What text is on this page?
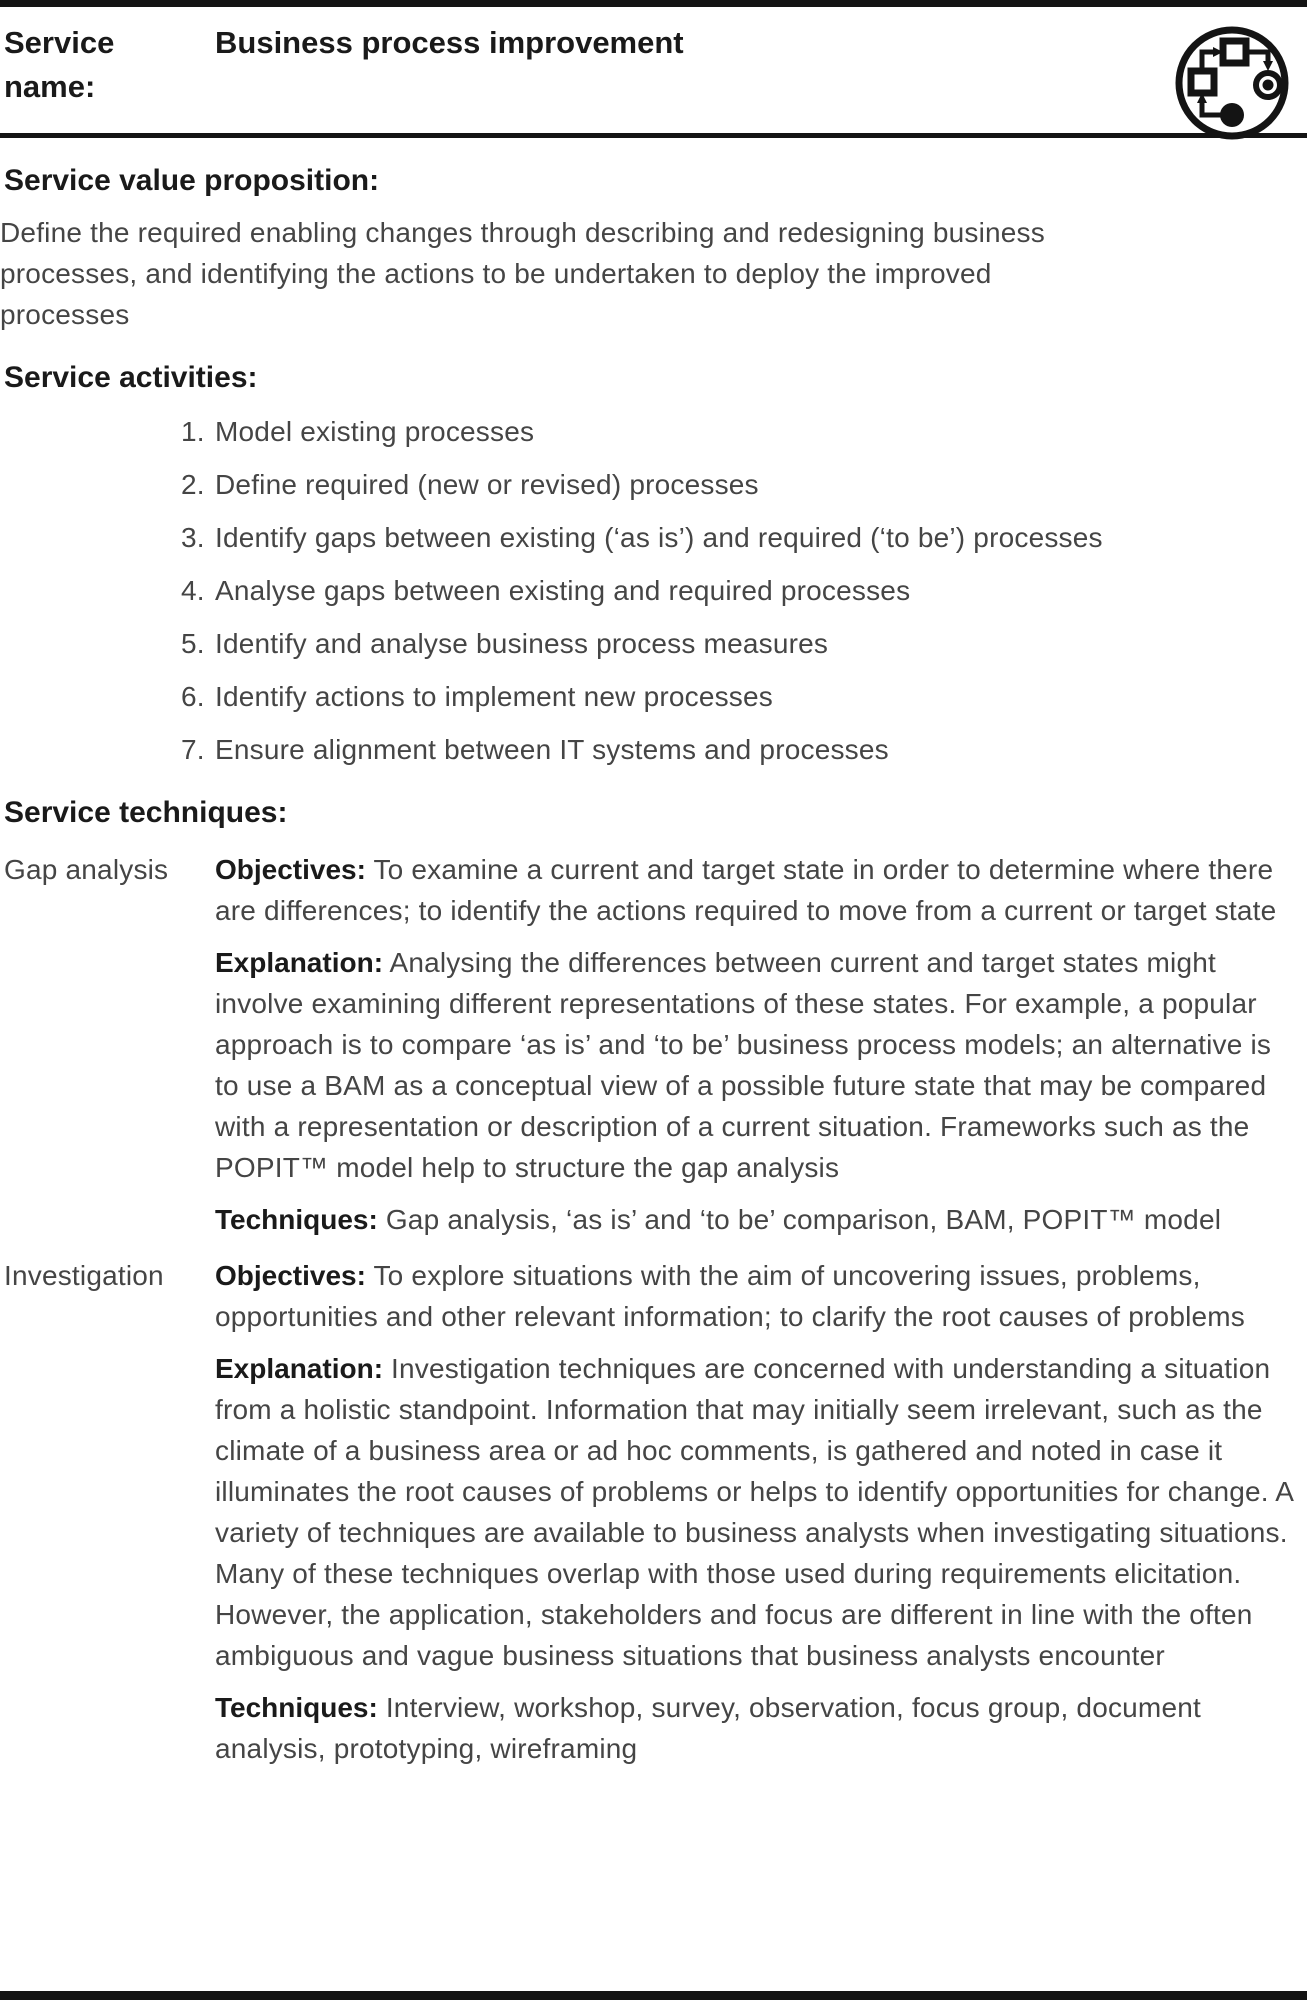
Service name:
Business process improvement
Service value proposition:

Define the required enabling changes through describing and redesigning business processes, and identifying the actions to be undertaken to deploy the improved processes

Service activities:
1. Model existing processes
2. Define required (new or revised) processes
3. Identify gaps between existing (‘as is’) and required (‘to be’) processes
4. Analyse gaps between existing and required processes
5. Identify and analyse business process measures
6. Identify actions to implement new processes
7. Ensure alignment between IT systems and processes
Service techniques:
Gap analysis	Objectives: To examine a current and target state in order to determine where there are differences; to identify the actions required to move from a current or target state

Explanation: Analysing the differences between current and target states might involve examining different representations of these states. For example, a popular approach is to compare ‘as is’ and ‘to be’ business process models; an alternative is to use a BAM as a conceptual view of a possible future state that may be compared with a representation or description of a current situation. Frameworks such as the POPIT™ model help to structure the gap analysis

Techniques: Gap analysis, ‘as is’ and ‘to be’ comparison, BAM, POPIT™ model

Investigation	Objectives: To explore situations with the aim of uncovering issues, problems, opportunities and other relevant information; to clarify the root causes of problems

Explanation: Investigation techniques are concerned with understanding a situation from a holistic standpoint. Information that may initially seem irrelevant, such as the climate of a business area or ad hoc comments, is gathered and noted in case it illuminates the root causes of problems or helps to identify opportunities for change. A variety of techniques are available to business analysts when investigating situations. Many of these techniques overlap with those used during requirements elicitation. However, the application, stakeholders and focus are different in line with the often ambiguous and vague business situations that business analysts encounter

Techniques: Interview, workshop, survey, observation, focus group, document analysis, prototyping, wireframing
